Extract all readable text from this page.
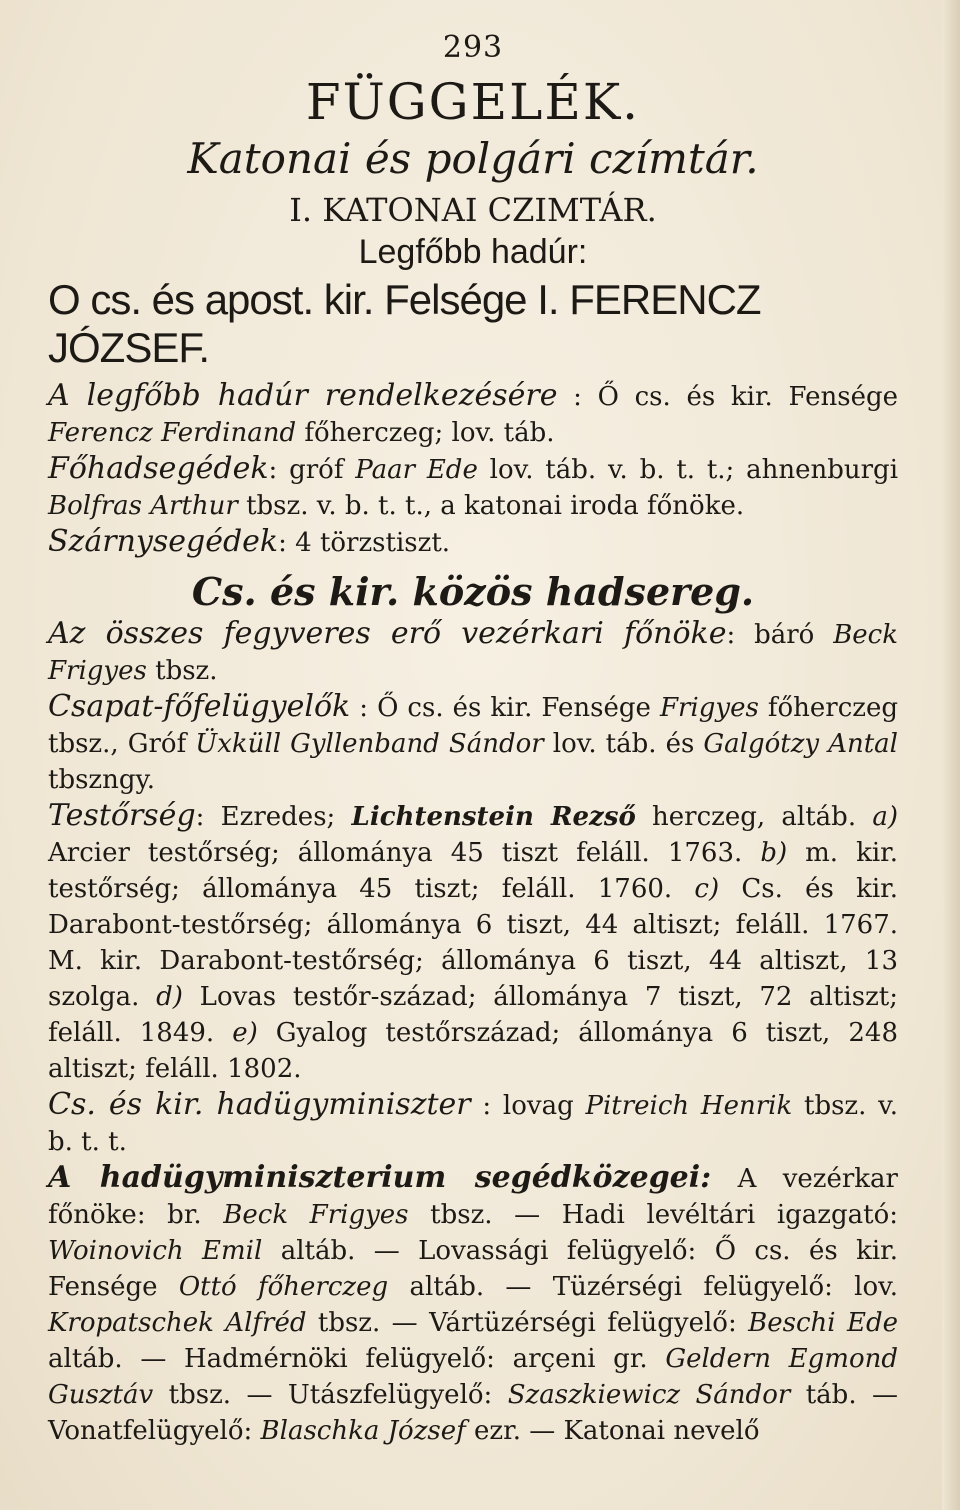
293
FÜGGELÉK.
Katonai és polgári czímtár.
I. KATONAI CZIMTÁR.
Legfőbb hadúr:
O cs. és apost. kir. Felsége I. FERENCZ JÓZSEF.

A legfőbb hadúr rendelkezésére : Ő cs. és kir. Fensége Ferencz Ferdinand főherczeg; lov. táb.

Főhadsegédek: gróf Paar Ede lov. táb. v. b. t. t.; ahnenburgi Bolfras Arthur tbsz. v. b. t. t., a katonai iroda főnöke.

Szárnysegédek: 4 törzstiszt.

Cs. és kir. közös hadsereg.

Az összes fegyveres erő vezérkari főnöke: báró Beck Frigyes tbsz.

Csapat-főfelügyelők : Ő cs. és kir. Fensége Frigyes főherczeg tbsz., Gróf Üxküll Gyllenband Sándor lov. táb. és Galgótzy Antal tbszngy.

Testőrség: Ezredes; Lichtenstein Rezső herczeg, altáb. a) Arcier testőrség; állománya 45 tiszt feláll. 1763. b) m. kir. testőrség; állománya 45 tiszt; feláll. 1760. c) Cs. és kir. Darabont-testőrség; állománya 6 tiszt, 44 altiszt; feláll. 1767. M. kir. Darabont-testőrség; állománya 6 tiszt, 44 altiszt, 13 szolga. d) Lovas testőr-század; állománya 7 tiszt, 72 altiszt; feláll. 1849. e) Gyalog testőrszázad; állománya 6 tiszt, 248 altiszt; feláll. 1802.

Cs. és kir. hadügyminiszter : lovag Pitreich Henrik tbsz. v. b. t. t.

A hadügyminiszterium segédközegei: A vezérkar főnöke: br. Beck Frigyes tbsz. — Hadi levéltári igazgató: Woinovich Emil altáb. — Lovassági felügyelő: Ő cs. és kir. Fensége Ottó főherczeg altáb. — Tüzérségi felügyelő: lov. Kropatschek Alfréd tbsz. — Vártüzérségi felügyelő: Beschi Ede altáb. — Hadmérnöki felügyelő: arçeni gr. Geldern Egmond Gusztáv tbsz. — Utászfelügyelő: Szaszkiewicz Sándor táb. — Vonatfelügyelő: Blaschka József ezr. — Katonai nevelő
